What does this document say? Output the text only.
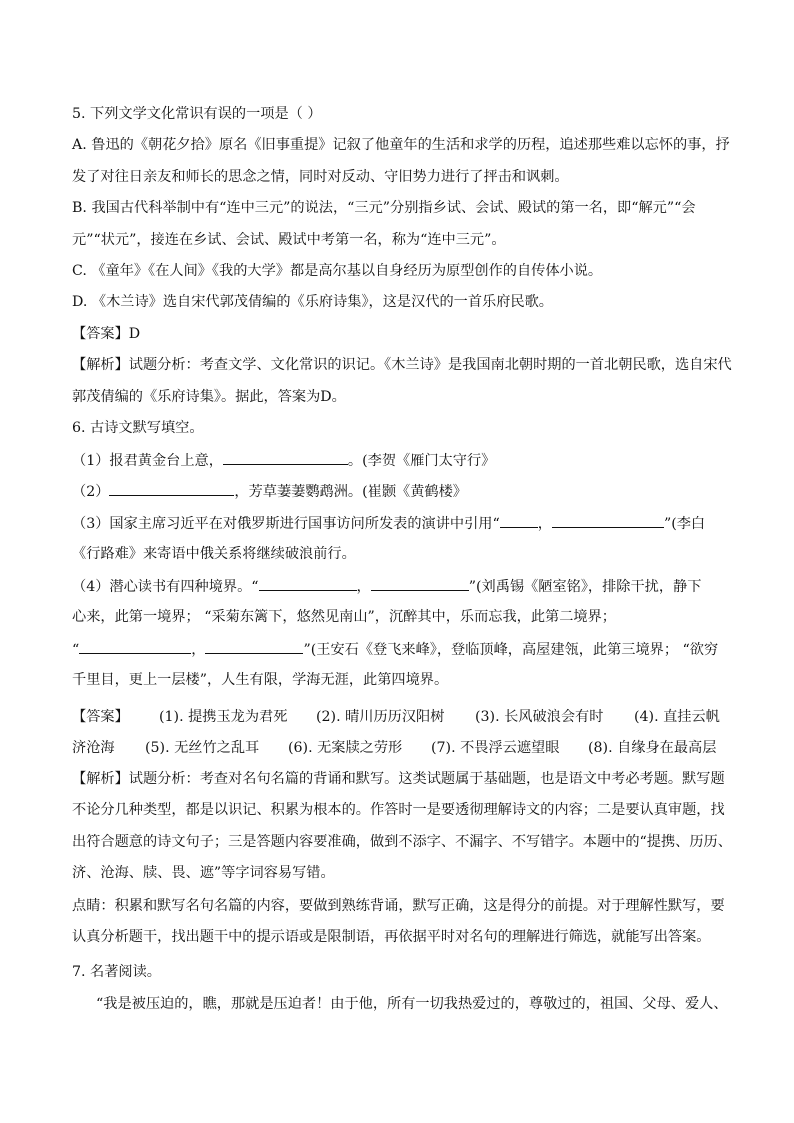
5. 下列文学文化常识有误的一项是（ ）
A. 鲁迅的《朝花夕拾》原名《旧事重提》记叙了他童年的生活和求学的历程，追述那些难以忘怀的事，抒
发了对往日亲友和师长的思念之情，同时对反动、守旧势力进行了抨击和讽刺。
B. 我国古代科举制中有“连中三元”的说法，“三元”分别指乡试、会试、殿试的第一名，即“解元”“会
元”“状元”，接连在乡试、会试、殿试中考第一名，称为“连中三元”。
C. 《童年》《在人间》《我的大学》都是高尔基以自身经历为原型创作的自传体小说。
D. 《木兰诗》选自宋代郭茂倩编的《乐府诗集》，这是汉代的一首乐府民歌。
【答案】D
【解析】试题分析：考查文学、文化常识的识记。《木兰诗》是我国南北朝时期的一首北朝民歌，选自宋代
郭茂倩编的《乐府诗集》。据此，答案为D。
6. 古诗文默写填空。
（1）报君黄金台上意，	。(李贺《雁门太守行》
（2）	，芳草萋萋鹦鹉洲。(崔颢《黄鹤楼》
（3）国家主席习近平在对俄罗斯进行国事访问所发表的演讲中引用“	，	”(李白
《行路难》来寄语中俄关系将继续破浪前行。
（4）潜心读书有四种境界。“	，	”(刘禹锡《陋室铭》，排除干扰，静下
心来，此第一境界； “采菊东篱下，悠然见南山”，沉醉其中，乐而忘我，此第二境界；
“	，	”(王安石《登飞来峰》，登临顶峰，高屋建瓴，此第三境界； “欲穷
千里目，更上一层楼”，人生有限，学海无涯，此第四境界。
【答案】 (1). 提携玉龙为君死 (2). 晴川历历汉阳树 (3). 长风破浪会有时 (4). 直挂云帆
济沧海 (5). 无丝竹之乱耳 (6). 无案牍之劳形 (7). 不畏浮云遮望眼 (8). 自缘身在最高层
【解析】试题分析：考查对名句名篇的背诵和默写。这类试题属于基础题，也是语文中考必考题。默写题
不论分几种类型，都是以识记、积累为根本的。作答时一是要透彻理解诗文的内容；二是要认真审题，找
出符合题意的诗文句子；三是答题内容要准确，做到不添字、不漏字、不写错字。本题中的“提携、历历、
济、沧海、牍、畏、遮”等字词容易写错。
点睛：积累和默写名句名篇的内容，要做到熟练背诵，默写正确，这是得分的前提。对于理解性默写，要
认真分析题干，找出题干中的提示语或是限制语，再依据平时对名句的理解进行筛选，就能写出答案。
7. 名著阅读。
“我是被压迫的，瞧，那就是压迫者！由于他，所有一切我热爱过的，尊敬过的，祖国、父母、爱人、
